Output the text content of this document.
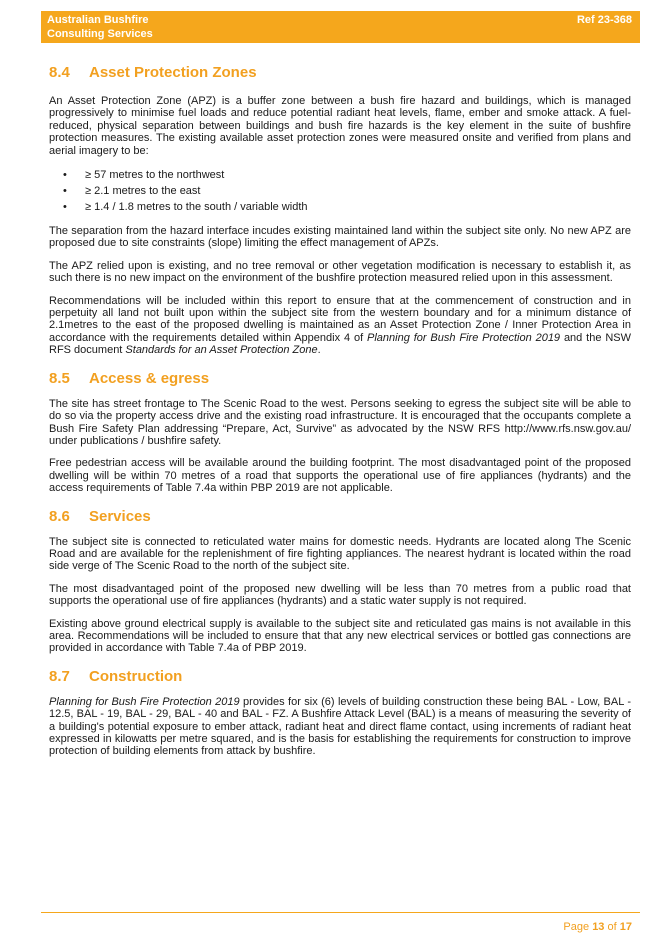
Australian Bushfire
Consulting Services
Ref 23-368
8.4 Asset Protection Zones

An Asset Protection Zone (APZ) is a buffer zone between a bush fire hazard and buildings, which is managed progressively to minimise fuel loads and reduce potential radiant heat levels, flame, ember and smoke attack. A fuel-reduced, physical separation between buildings and bush fire hazards is the key element in the suite of bushfire protection measures. The existing available asset protection zones were measured onsite and verified from plans and aerial imagery to be:

• ≥ 57 metres to the northwest
• ≥ 2.1 metres to the east
• ≥ 1.4 / 1.8 metres to the south / variable width

The separation from the hazard interface incudes existing maintained land within the subject site only. No new APZ are proposed due to site constraints (slope) limiting the effect management of APZs.

The APZ relied upon is existing, and no tree removal or other vegetation modification is necessary to establish it, as such there is no new impact on the environment of the bushfire protection measured relied upon in this assessment.

Recommendations will be included within this report to ensure that at the commencement of construction and in perpetuity all land not built upon within the subject site from the western boundary and for a minimum distance of 2.1metres to the east of the proposed dwelling is maintained as an Asset Protection Zone / Inner Protection Area in accordance with the requirements detailed within Appendix 4 of Planning for Bush Fire Protection 2019 and the NSW RFS document Standards for an Asset Protection Zone.

8.5 Access & egress

The site has street frontage to The Scenic Road to the west. Persons seeking to egress the subject site will be able to do so via the property access drive and the existing road infrastructure. It is encouraged that the occupants complete a Bush Fire Safety Plan addressing “Prepare, Act, Survive” as advocated by the NSW RFS http://www.rfs.nsw.gov.au/ under publications / bushfire safety.

Free pedestrian access will be available around the building footprint. The most disadvantaged point of the proposed dwelling will be within 70 metres of a road that supports the operational use of fire appliances (hydrants) and the access requirements of Table 7.4a within PBP 2019 are not applicable.

8.6 Services

The subject site is connected to reticulated water mains for domestic needs. Hydrants are located along The Scenic Road and are available for the replenishment of fire fighting appliances. The nearest hydrant is located within the road side verge of The Scenic Road to the north of the subject site.

The most disadvantaged point of the proposed new dwelling will be less than 70 metres from a public road that supports the operational use of fire appliances (hydrants) and a static water supply is not required.

Existing above ground electrical supply is available to the subject site and reticulated gas mains is not available in this area. Recommendations will be included to ensure that that any new electrical services or bottled gas connections are provided in accordance with Table 7.4a of PBP 2019.

8.7 Construction

Planning for Bush Fire Protection 2019 provides for six (6) levels of building construction these being BAL - Low, BAL - 12.5, BAL - 19, BAL - 29, BAL - 40 and BAL - FZ. A Bushfire Attack Level (BAL) is a means of measuring the severity of a building's potential exposure to ember attack, radiant heat and direct flame contact, using increments of radiant heat expressed in kilowatts per metre squared, and is the basis for establishing the requirements for construction to improve protection of building elements from attack by bushfire.

Page 13 of 17
